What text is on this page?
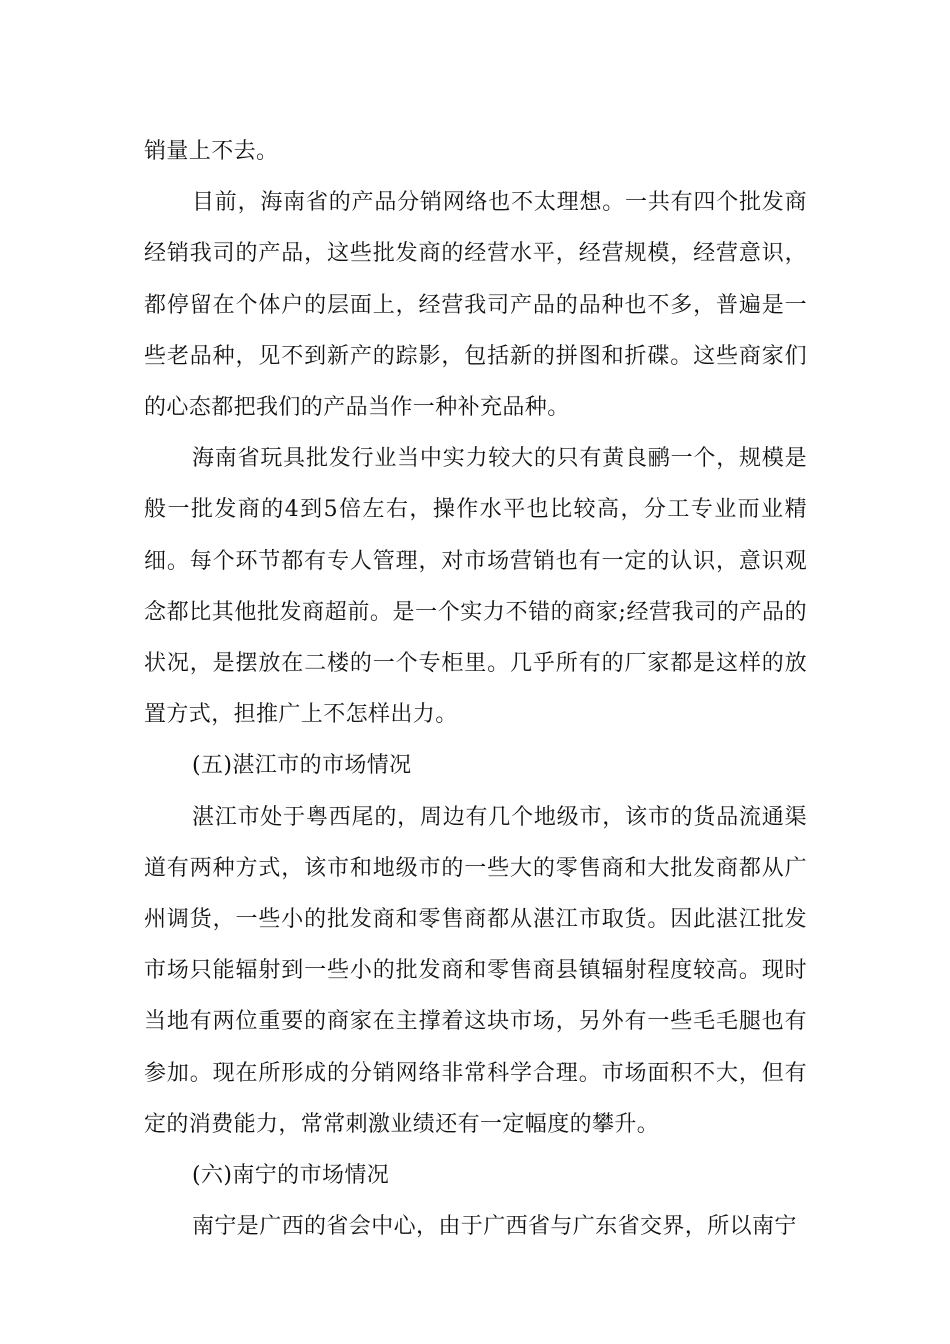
销量上不去。

目前，海南省的产品分销网络也不太理想。一共有四个批发商经销我司的产品，这些批发商的经营水平，经营规模，经营意识，都停留在个体户的层面上，经营我司产品的品种也不多，普遍是一些老品种，见不到新产的踪影，包括新的拼图和折碟。这些商家们的心态都把我们的产品当作一种补充品种。

海南省玩具批发行业当中实力较大的只有黄良鹂一个，规模是般一批发商的4到5倍左右，操作水平也比较高，分工专业而业精细。每个环节都有专人管理，对市场营销也有一定的认识，意识观念都比其他批发商超前。是一个实力不错的商家;经营我司的产品的状况，是摆放在二楼的一个专柜里。几乎所有的厂家都是这样的放置方式，担推广上不怎样出力。

(五)湛江市的市场情况

湛江市处于粤西尾的，周边有几个地级市，该市的货品流通渠道有两种方式，该市和地级市的一些大的零售商和大批发商都从广州调货，一些小的批发商和零售商都从湛江市取货。因此湛江批发市场只能辐射到一些小的批发商和零售商县镇辐射程度较高。现时当地有两位重要的商家在主撑着这块市场，另外有一些毛毛腿也有参加。现在所形成的分销网络非常科学合理。市场面积不大，但有定的消费能力，常常刺激业绩还有一定幅度的攀升。

(六)南宁的市场情况

南宁是广西的省会中心，由于广西省与广东省交界，所以南宁
